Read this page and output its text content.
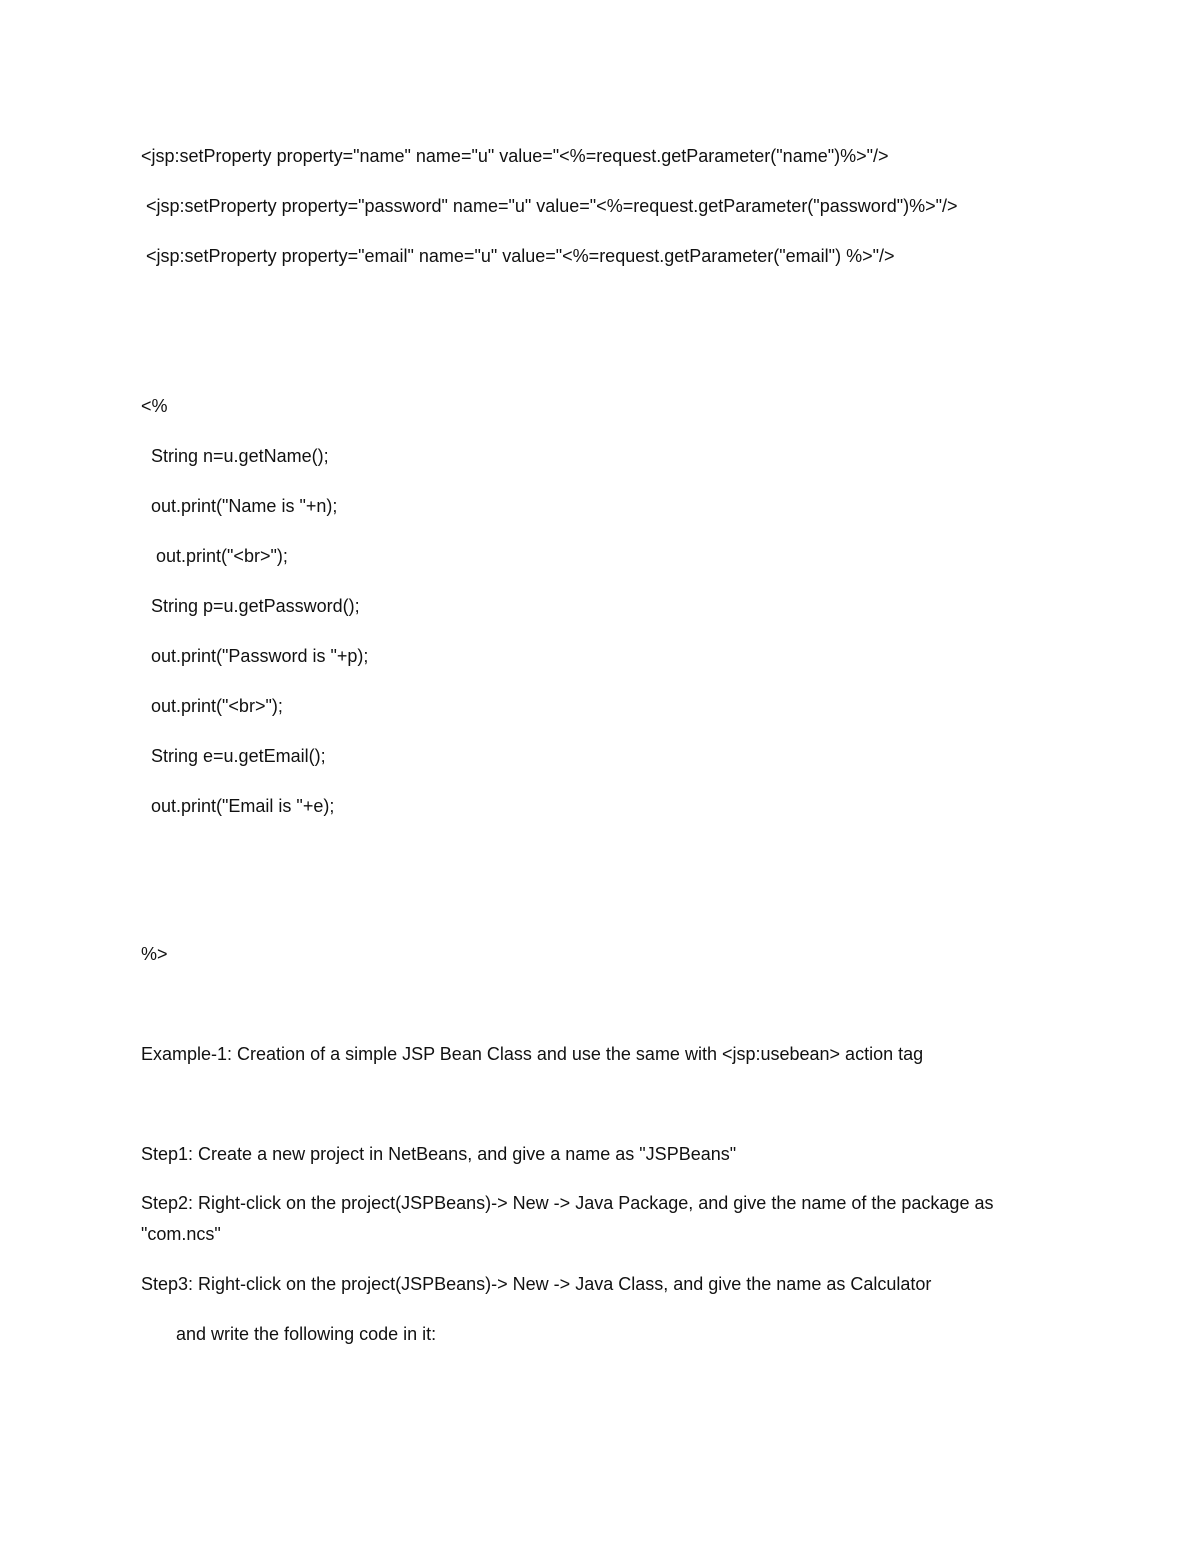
<jsp:setProperty property="name" name="u" value="<%=request.getParameter("name")%>"/>
<jsp:setProperty property="password" name="u" value="<%=request.getParameter("password")%>"/>
<jsp:setProperty property="email" name="u" value="<%=request.getParameter("email") %>"/>
<%
String n=u.getName();
out.print("Name is "+n);
out.print("<br>");
String p=u.getPassword();
out.print("Password is "+p);
out.print("<br>");
String e=u.getEmail();
out.print("Email is "+e);
%>
Example-1: Creation of a simple JSP Bean Class and use the same with <jsp:usebean> action tag
Step1: Create a new project in NetBeans, and give a name as "JSPBeans"
Step2: Right-click on the project(JSPBeans)-> New -> Java Package, and give the name of the package as "com.ncs"
Step3: Right-click on the project(JSPBeans)-> New -> Java Class, and give the name as Calculator
and write the following code in it:
